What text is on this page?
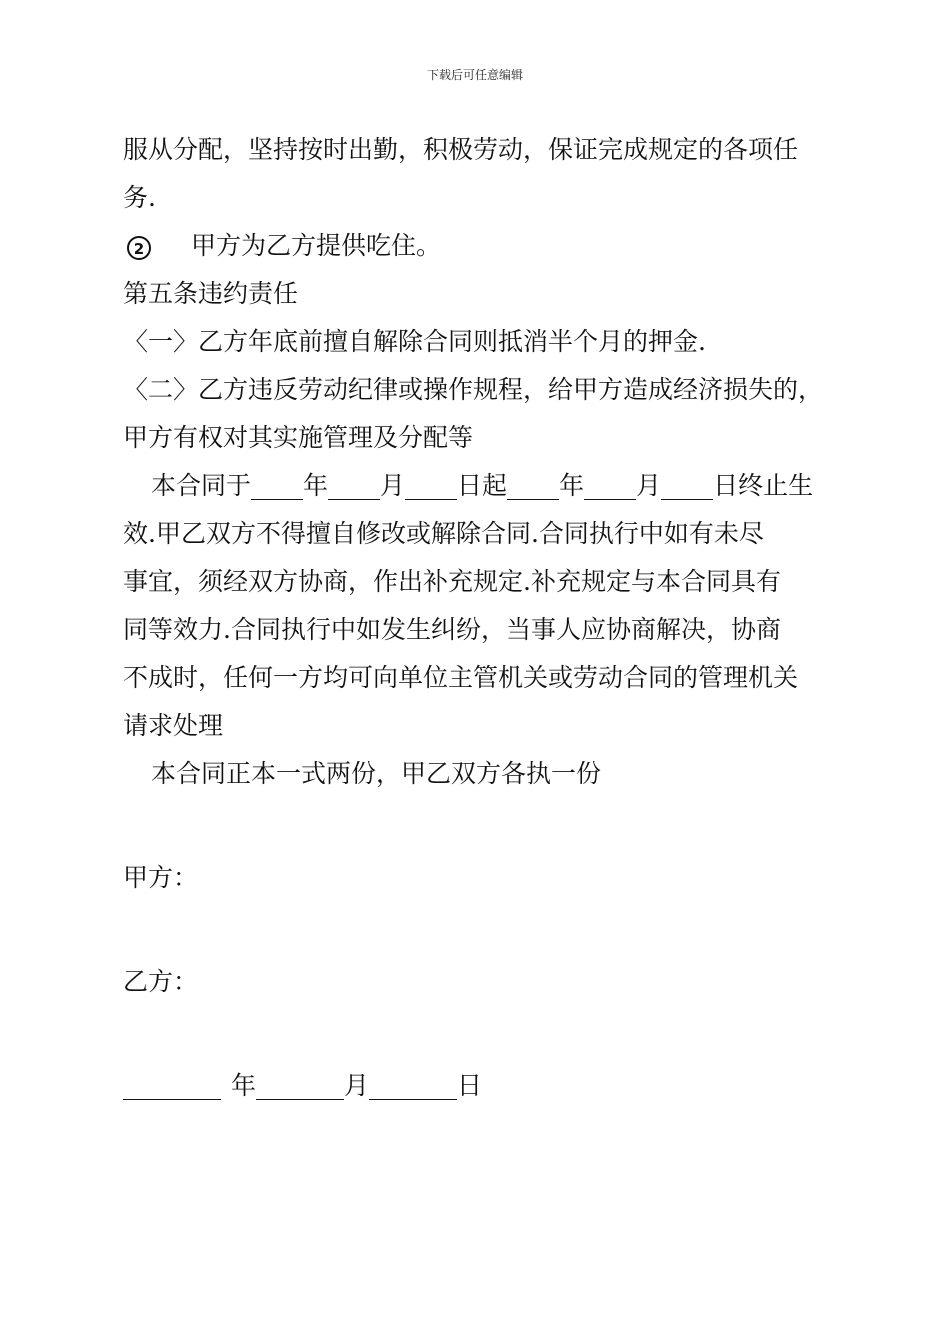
下载后可任意编辑
服从分配，坚持按时出勤，积极劳动，保证完成规定的各项任
务.
2 甲方为乙方提供吃住。
第五条违约责任
〈一〉乙方年底前擅自解除合同则抵消半个月的押金.
〈二〉乙方违反劳动纪律或操作规程，给甲方造成经济损失的，
甲方有权对其实施管理及分配等
本合同于 年 月 日起 年 月 日终止生
效.甲乙双方不得擅自修改或解除合同.合同执行中如有未尽
事宜，须经双方协商，作出补充规定.补充规定与本合同具有
同等效力.合同执行中如发生纠纷，当事人应协商解决，协商
不成时，任何一方均可向单位主管机关或劳动合同的管理机关
请求处理
本合同正本一式两份，甲乙双方各执一份
甲方：
乙方：
年	月	日
